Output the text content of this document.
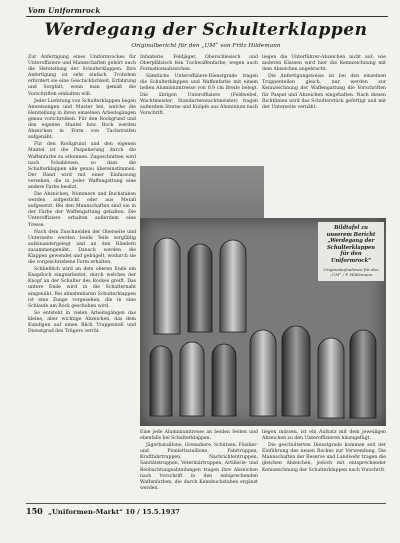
Vom Uniformrock
Werdegang der Schulterklappen
Originalbericht für den „UM“ von Fritz Hildemann

Zur Anfertigung eines Uniformrockes für Unteroffiziere und Mannschaften gehört auch die Herstellung der Schulterklappen. Ihre Anfertigung ist sehr einfach. Trotzdem erfordert sie eine Geschicklichkeit, Erfahrung und Sorgfalt, wenn man gemäß die Vorschriften einhalten will.

Jeder Lieferung von Schulterklappen liegen Anweisungen und Muster bei, welche die Herstellung in ihren einzelnen Arbeitsgängen genau vorschreiben. Für den Rockgrund und den eigenen Mantel bzw. Rock werden Abzeichen in Form von Tuchstreifen aufgenäht.

Für den Rockgrund und den eigenen Mantel ist die Paspelierung durch die Waffenfarbe zu erkennen. Zugeschnitten wird nach Schablonen, so dass die Schulterklappen alle genau übereinstimmen. Der Rand wird mit einer Einfassung versehen, die in jeder Waffengattung eine andere Farbe besitzt.

Die Abzeichen, Nummern und Buchstaben werden aufgestickt oder aus Metall aufgesetzt. Bei den Mannschaften sind sie in der Farbe der Waffengattung gehalten. Die Unteroffiziere erhalten außerdem eine Tresse.

Nach dem Zuschneiden der Oberseite und Unterseite werden beide Teile sorgfältig aufeinandergelegt und an den Rändern zusammengenäht. Danach werden die Klappen gewendet und gebügelt, wodurch sie die vorgeschriebene Form erhalten.

Schließlich wird an dem oberen Ende ein Knopfloch eingearbeitet, durch welches der Knopf an der Schulter des Rockes greift. Das untere Ende wird in die Schulternaht eingenäht. Bei abnehmbaren Schulterklappen ist eine Zunge vorgesehen, die in eine Schlaufe am Rock geschoben wird.

So entsteht in vielen Arbeitsgängen das kleine, aber wichtige Abzeichen, das dem Kundigen auf einen Blick Truppenteil und Dienstgrad des Trägers verrät.

Infanterie, Feldjäger, Oberschlesisch und Oberpfälzisch fein Tuchwaffenfarbe; wegen auch Formationsabzeichen.

Sämtliche Unteroffiziers-Dienstgrade tragen die Schulterklappen und Waffenfarbe mit einem hellen Aluminiumtresse von 0,9 cm Breite belegt. Die übrigen Unteroffiziere (Feldwebel, Wachtmeister, Standartenwachtmeister) tragen außerdem Sterne und Knöpfe aus Aluminium nach Vorschrift.

liegen die Unterführer-Abzeichen nicht auf; wie anderen Klassen wird hier die Kennzeichnung mit dem Abzeichen angebracht.

Die Anfertigungsweise ist bei den einzelnen Truppenteilen gleich, nur werden zur Kennzeichnung der Waffengattung die Vorschriften für Paspel und Abzeichen eingehalten. Nach diesen Richtlinien wird das Schulterstück gefertigt und mit der Unterseite vernäht.

Bildtafel zu unserem Bericht „Werdegang der Schulterklappen für den Uniformrock“
Originalaufnahmen für den „UM“ / F. Hildemann

Eine jede Aluminiumtresse an beiden Seiten und ebenfalls bei Schulterklappen.

Jägerbataillone, Grenadiere, Schützen, Füsilier- und Pionierbataillone, Fahrtruppen, Kraftfahrtruppen, Nachrichtentruppen, Sanitätstruppen, Veterinärtruppen, Artillerie- und Beobachtungsabteilungen tragen ihre Abzeichen nach Vorschrift in den entsprechenden Waffenfarben, die durch Kennbuchstaben ergänzt werden.

liegen müssen, ist ein Aufsatz mit dem jeweiligen Abzeichen zu den Unteroffizieren hinzugefügt.

Die geschulterten Dienstgrade kommen seit der Einführung des neuen Rockes zur Verwendung. Die Mannschaften der Reserve und Landwehr tragen die gleichen Abzeichen, jedoch mit entsprechender Kennzeichnung der Schulterklappen nach Vorschrift.

150 „Uniformen-Markt“ 10 / 15.5.1937
